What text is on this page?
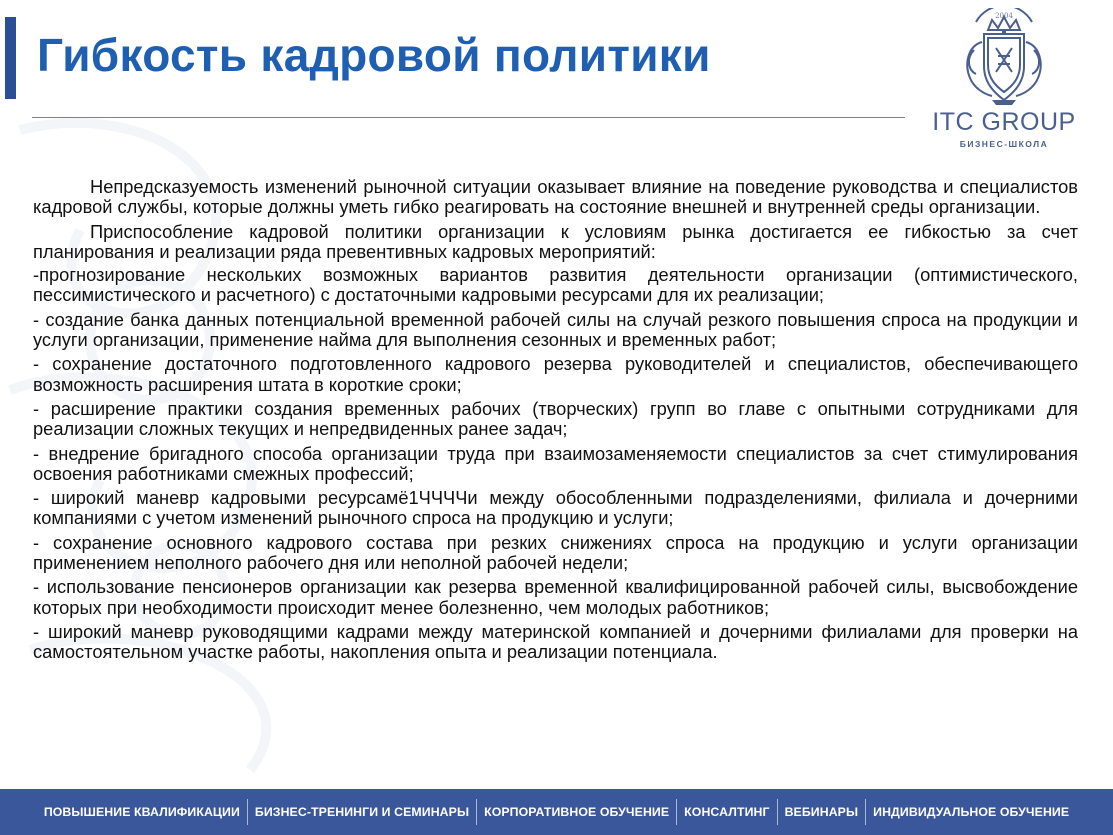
Гибкость кадровой политики
2004
ITC GROUP
БИЗНЕС-ШКОЛА

Непредсказуемость изменений рыночной ситуации оказывает влияние на поведение руководства и специалистов кадровой службы, которые должны уметь гибко реагировать на состояние внешней и внутренней среды организации.

Приспособление кадровой политики организации к условиям рынка достигается ее гибкостью за счет планирования и реализации ряда превентивных кадровых мероприятий:

-прогнозирование нескольких возможных вариантов развития деятельности организации (оптимистического, пессимистического и расчетного) с достаточными кадровыми ресурсами для их реализации;

- создание банка данных потенциальной временной рабочей силы на случай резкого повышения спроса на продукции и услуги организации, применение найма для выполнения сезонных и временных работ;

- сохранение достаточного подготовленного кадрового резерва руководителей и специалистов, обеспечивающего возможность расширения штата в короткие сроки;

- расширение практики создания временных рабочих (творческих) групп во главе с опытными сотрудниками для реализации сложных текущих и непредвиденных ранее задач;

- внедрение бригадного способа организации труда при взаимозаменяемости специалистов за счет стимулирования освоения работниками смежных профессий;

- широкий маневр кадровыми ресурсамё1ЧЧЧЧи между обособленными подразделениями, филиала и дочерними компаниями с учетом изменений рыночного спроса на продукцию и услуги;

- сохранение основного кадрового состава при резких снижениях спроса на продукцию и услуги организации применением неполного рабочего дня или неполной рабочей недели;

- использование пенсионеров организации как резерва временной квалифицированной рабочей силы, высвобождение которых при необходимости происходит менее болезненно, чем молодых работников;

- широкий маневр руководящими кадрами между материнской компанией и дочерними филиалами для проверки на самостоятельном участке работы, накопления опыта и реализации потенциала.

ПОВЫШЕНИЕ КВАЛИФИКАЦИИ	БИЗНЕС-ТРЕНИНГИ И СЕМИНАРЫ	КОРПОРАТИВНОЕ ОБУЧЕНИЕ	КОНСАЛТИНГ	ВЕБИНАРЫ	ИНДИВИДУАЛЬНОЕ ОБУЧЕНИЕ
